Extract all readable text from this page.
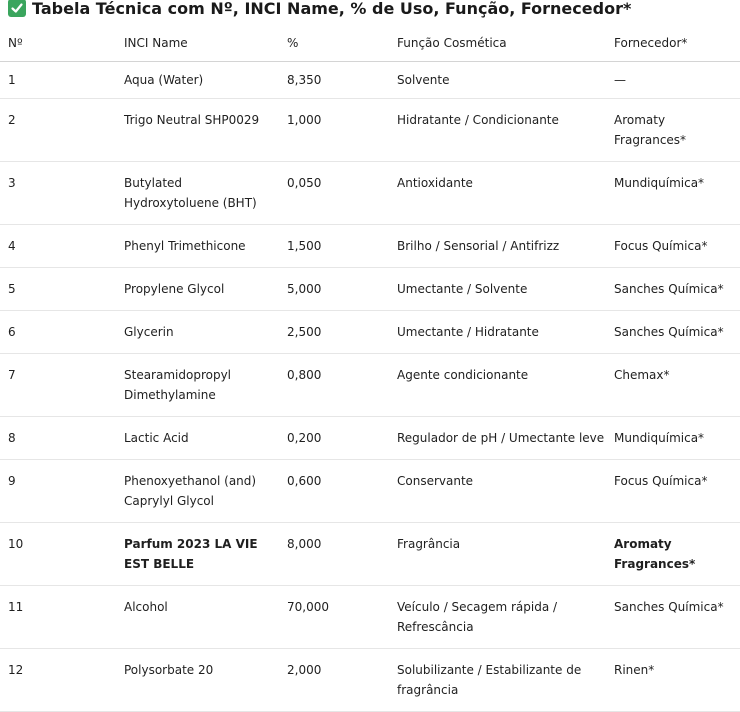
Tabela Técnica com Nº, INCI Name, % de Uso, Função, Fornecedor*
Nº	INCI Name	%	Função Cosmética	Fornecedor*
1	Aqua (Water)	8,350	Solvente	—
2	Trigo Neutral SHP0029	1,000	Hidratante / Condicionante	Aromaty Fragrances*
3	Butylated Hydroxytoluene (BHT)	0,050	Antioxidante	Mundiquímica*
4	Phenyl Trimethicone	1,500	Brilho / Sensorial / Antifrizz	Focus Química*
5	Propylene Glycol	5,000	Umectante / Solvente	Sanches Química*
6	Glycerin	2,500	Umectante / Hidratante	Sanches Química*
7	Stearamidopropyl Dimethylamine	0,800	Agente condicionante	Chemax*
8	Lactic Acid	0,200	Regulador de pH / Umectante leve	Mundiquímica*
9	Phenoxyethanol (and) Caprylyl Glycol	0,600	Conservante	Focus Química*
10	Parfum 2023 LA VIE EST BELLE	8,000	Fragrância	Aromaty Fragrances*
11	Alcohol	70,000	Veículo / Secagem rápida / Refrescância	Sanches Química*
12	Polysorbate 20	2,000	Solubilizante / Estabilizante de fragrância	Rinen*
